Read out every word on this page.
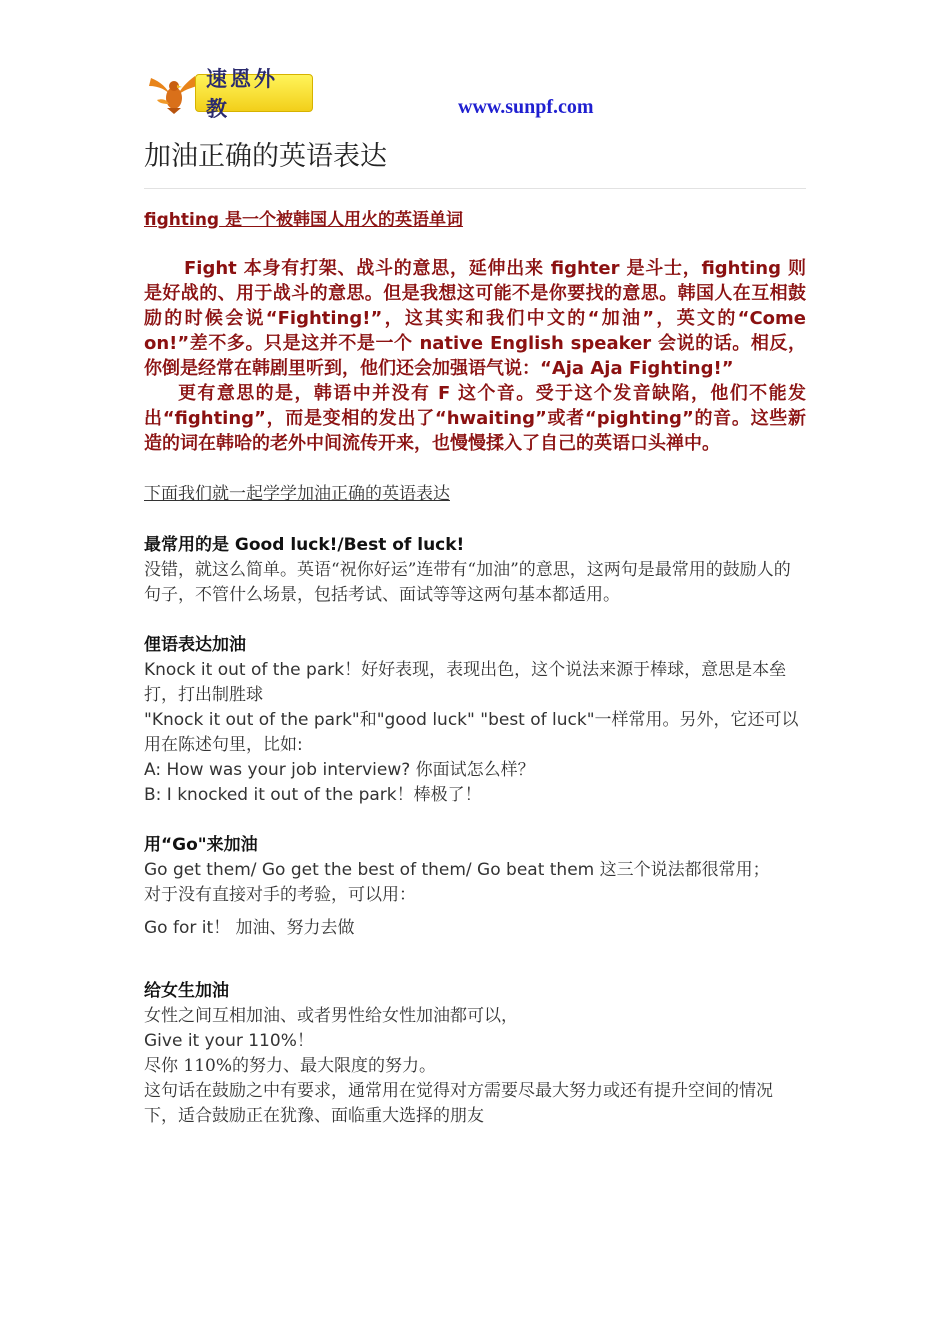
速恩外教	www.sunpf.com
加油正确的英语表达

fighting 是一个被韩国人用火的英语单词

Fight 本身有打架、战斗的意思，延伸出来 fighter 是斗士，fighting 则是好战的、用于战斗的意思。但是我想这可能不是你要找的意思。韩国人在互相鼓励的时候会说“Fighting!”，这其实和我们中文的“加油”，英文的“Come on!”差不多。只是这并不是一个 native English speaker 会说的话。相反，你倒是经常在韩剧里听到，他们还会加强语气说：“Aja Aja Fighting!”

更有意思的是，韩语中并没有 F 这个音。受于这个发音缺陷，他们不能发出“fighting”，而是变相的发出了“hwaiting”或者“pighting”的音。这些新造的词在韩哈的老外中间流传开来，也慢慢揉入了自己的英语口头禅中。

下面我们就一起学学加油正确的英语表达

最常用的是 Good luck!/Best of luck!

没错，就这么简单。英语“祝你好运”连带有“加油”的意思，这两句是最常用的鼓励人的句子，不管什么场景，包括考试、面试等等这两句基本都适用。

俚语表达加油

Knock it out of the park！好好表现，表现出色，这个说法来源于棒球，意思是本垒打，打出制胜球

"Knock it out of the park"和"good luck" "best of luck"一样常用。另外，它还可以用在陈述句里，比如:

A: How was your job interview? 你面试怎么样？

B: I knocked it out of the park！棒极了！

用“Go"来加油

Go get them/ Go get the best of them/ Go beat them 这三个说法都很常用；

对于没有直接对手的考验，可以用：

Go for it！ 加油、努力去做

给女生加油

女性之间互相加油、或者男性给女性加油都可以，

Give it your 110%！

尽你 110%的努力、最大限度的努力。

这句话在鼓励之中有要求，通常用在觉得对方需要尽最大努力或还有提升空间的情况下，适合鼓励正在犹豫、面临重大选择的朋友
